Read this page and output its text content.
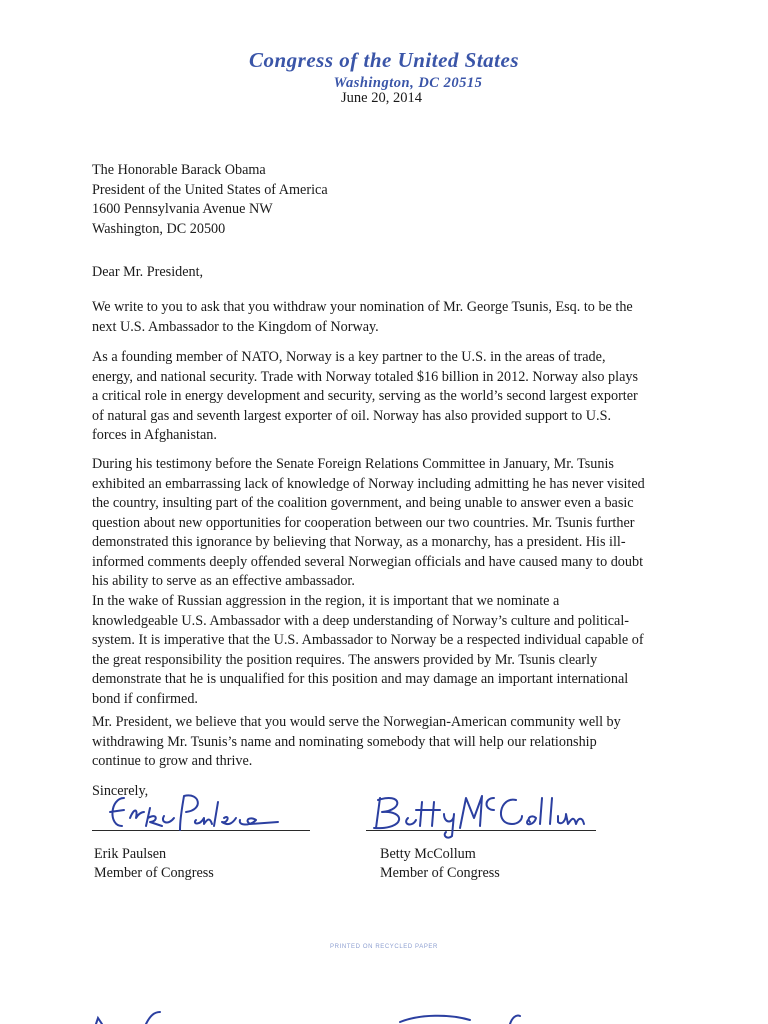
Congress of the United States
Washington, DC 20515
June 20, 2014
The Honorable Barack Obama
President of the United States of America
1600 Pennsylvania Avenue NW
Washington, DC 20500
Dear Mr. President,
We write to you to ask that you withdraw your nomination of Mr. George Tsunis, Esq. to be the
next U.S. Ambassador to the Kingdom of Norway.
As a founding member of NATO, Norway is a key partner to the U.S. in the areas of trade,
energy, and national security. Trade with Norway totaled $16 billion in 2012. Norway also plays
a critical role in energy development and security, serving as the world’s second largest exporter
of natural gas and seventh largest exporter of oil. Norway has also provided support to U.S.
forces in Afghanistan.
During his testimony before the Senate Foreign Relations Committee in January, Mr. Tsunis
exhibited an embarrassing lack of knowledge of Norway including admitting he has never visited
the country, insulting part of the coalition government, and being unable to answer even a basic
question about new opportunities for cooperation between our two countries. Mr. Tsunis further
demonstrated this ignorance by believing that Norway, as a monarchy, has a president. His ill-
informed comments deeply offended several Norwegian officials and have caused many to doubt
his ability to serve as an effective ambassador.
In the wake of Russian aggression in the region, it is important that we nominate a
knowledgeable U.S. Ambassador with a deep understanding of Norway’s culture and political-
system. It is imperative that the U.S. Ambassador to Norway be a respected individual capable of
the great responsibility the position requires. The answers provided by Mr. Tsunis clearly
demonstrate that he is unqualified for this position and may damage an important international
bond if confirmed.
Mr. President, we believe that you would serve the Norwegian-American community well by
withdrawing Mr. Tsunis’s name and nominating somebody that will help our relationship
continue to grow and thrive.
Sincerely,
Erik Paulsen
Member of Congress
Betty McCollum
Member of Congress
PRINTED ON RECYCLED PAPER
